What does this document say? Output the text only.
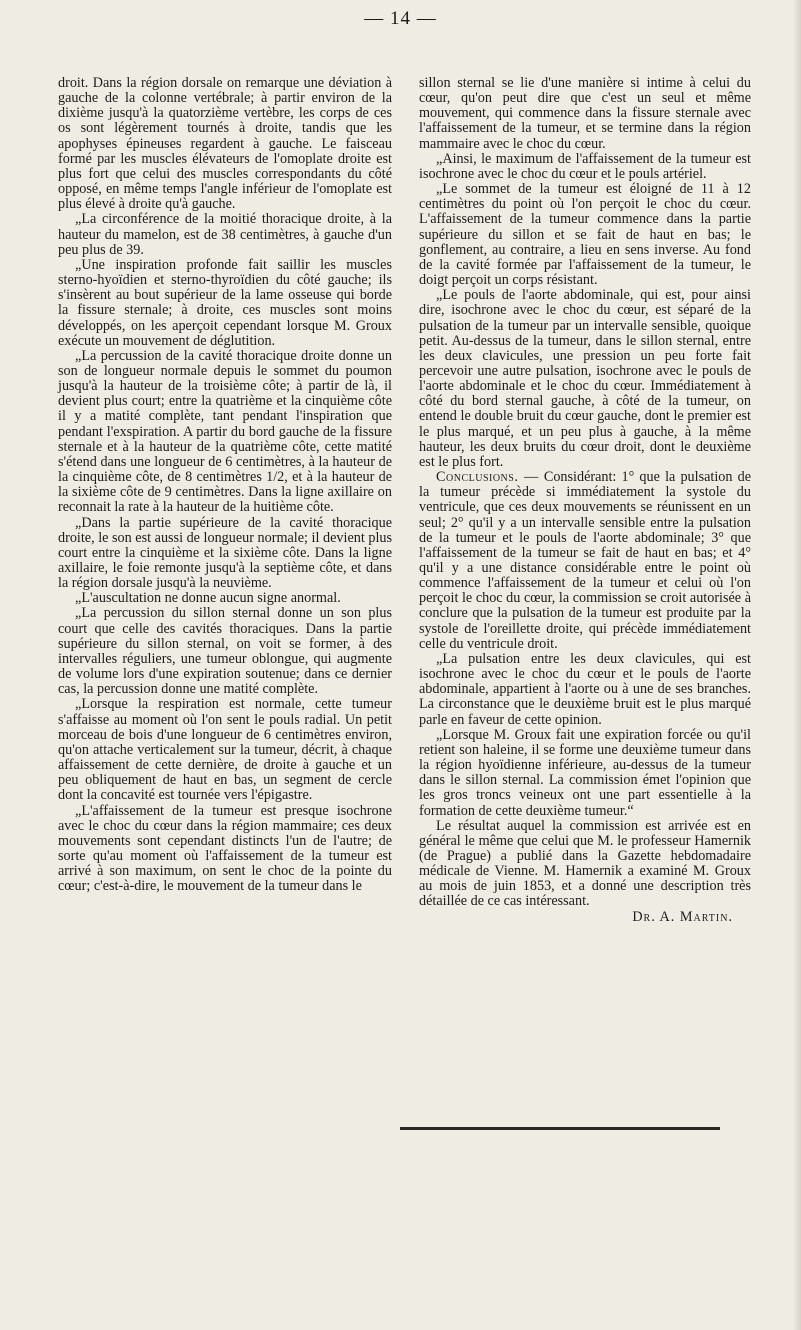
— 14 —

droit. Dans la région dorsale on remarque une déviation à gauche de la colonne vertébrale; à partir environ de la dixième jusqu'à la quatorzième vertèbre, les corps de ces os sont légèrement tournés à droite, tandis que les apophyses épineuses regardent à gauche. Le faisceau formé par les muscles élévateurs de l'omoplate droite est plus fort que celui des muscles correspondants du côté opposé, en même temps l'angle inférieur de l'omoplate est plus élevé à droite qu'à gauche.

„La circonférence de la moitié thoracique droite, à la hauteur du mamelon, est de 38 centimètres, à gauche d'un peu plus de 39.

„Une inspiration profonde fait saillir les muscles sterno-hyoïdien et sterno-thyroïdien du côté gauche; ils s'insèrent au bout supérieur de la lame osseuse qui borde la fissure sternale; à droite, ces muscles sont moins développés, on les aperçoit cependant lorsque M. Groux exécute un mouvement de déglutition.

„La percussion de la cavité thoracique droite donne un son de longueur normale depuis le sommet du poumon jusqu'à la hauteur de la troisième côte; à partir de là, il devient plus court; entre la quatrième et la cinquième côte il y a matité complète, tant pendant l'inspiration que pendant l'exspiration. A partir du bord gauche de la fissure sternale et à la hauteur de la quatrième côte, cette matité s'étend dans une longueur de 6 centimètres, à la hauteur de la cinquième côte, de 8 centimètres 1/2, et à la hauteur de la sixième côte de 9 centimètres. Dans la ligne axillaire on reconnait la rate à la hauteur de la huitième côte.

„Dans la partie supérieure de la cavité thoracique droite, le son est aussi de longueur normale; il devient plus court entre la cinquième et la sixième côte. Dans la ligne axillaire, le foie remonte jusqu'à la septième côte, et dans la région dorsale jusqu'à la neuvième.

„L'auscultation ne donne aucun signe anormal.

„La percussion du sillon sternal donne un son plus court que celle des cavités thoraciques. Dans la partie supérieure du sillon sternal, on voit se former, à des intervalles réguliers, une tumeur oblongue, qui augmente de volume lors d'une expiration soutenue; dans ce dernier cas, la percussion donne une matité complète.

„Lorsque la respiration est normale, cette tumeur s'affaisse au moment où l'on sent le pouls radial. Un petit morceau de bois d'une longueur de 6 centimètres environ, qu'on attache verticalement sur la tumeur, décrit, à chaque affaissement de cette dernière, de droite à gauche et un peu obliquement de haut en bas, un segment de cercle dont la concavité est tournée vers l'épigastre.

„L'affaissement de la tumeur est presque isochrone avec le choc du cœur dans la région mammaire; ces deux mouvements sont cependant distincts l'un de l'autre; de sorte qu'au moment où l'affaissement de la tumeur est arrivé à son maximum, on sent le choc de la pointe du cœur; c'est-à-dire, le mouvement de la tumeur dans le

sillon sternal se lie d'une manière si intime à celui du cœur, qu'on peut dire que c'est un seul et même mouvement, qui commence dans la fissure sternale avec l'affaissement de la tumeur, et se termine dans la région mammaire avec le choc du cœur.

„Ainsi, le maximum de l'affaissement de la tumeur est isochrone avec le choc du cœur et le pouls artériel.

„Le sommet de la tumeur est éloigné de 11 à 12 centimètres du point où l'on perçoit le choc du cœur. L'affaissement de la tumeur commence dans la partie supérieure du sillon et se fait de haut en bas; le gonflement, au contraire, a lieu en sens inverse. Au fond de la cavité formée par l'affaissement de la tumeur, le doigt perçoit un corps résistant.

„Le pouls de l'aorte abdominale, qui est, pour ainsi dire, isochrone avec le choc du cœur, est séparé de la pulsation de la tumeur par un intervalle sensible, quoique petit. Au-dessus de la tumeur, dans le sillon sternal, entre les deux clavicules, une pression un peu forte fait percevoir une autre pulsation, isochrone avec le pouls de l'aorte abdominale et le choc du cœur. Immédiatement à côté du bord sternal gauche, à côté de la tumeur, on entend le double bruit du cœur gauche, dont le premier est le plus marqué, et un peu plus à gauche, à la même hauteur, les deux bruits du cœur droit, dont le deuxième est le plus fort.

Conclusions. — Considérant: 1° que la pulsation de la tumeur précède si immédiatement la systole du ventricule, que ces deux mouvements se réunissent en un seul; 2° qu'il y a un intervalle sensible entre la pulsation de la tumeur et le pouls de l'aorte abdominale; 3° que l'affaissement de la tumeur se fait de haut en bas; et 4° qu'il y a une distance considérable entre le point où commence l'affaissement de la tumeur et celui où l'on perçoit le choc du cœur, la commission se croit autorisée à conclure que la pulsation de la tumeur est produite par la systole de l'oreillette droite, qui précède immédiatement celle du ventricule droit.

„La pulsation entre les deux clavicules, qui est isochrone avec le choc du cœur et le pouls de l'aorte abdominale, appartient à l'aorte ou à une de ses branches. La circonstance que le deuxième bruit est le plus marqué parle en faveur de cette opinion.

„Lorsque M. Groux fait une expiration forcée ou qu'il retient son haleine, il se forme une deuxième tumeur dans la région hyoïdienne inférieure, au-dessus de la tumeur dans le sillon sternal. La commission émet l'opinion que les gros troncs veineux ont une part essentielle à la formation de cette deuxième tumeur.“

Le résultat auquel la commission est arrivée est en général le même que celui que M. le professeur Hamernik (de Prague) a publié dans la Gazette hebdomadaire médicale de Vienne. M. Hamernik a examiné M. Groux au mois de juin 1853, et a donné une description très détaillée de ce cas intéressant.

Dr. A. Martin.
